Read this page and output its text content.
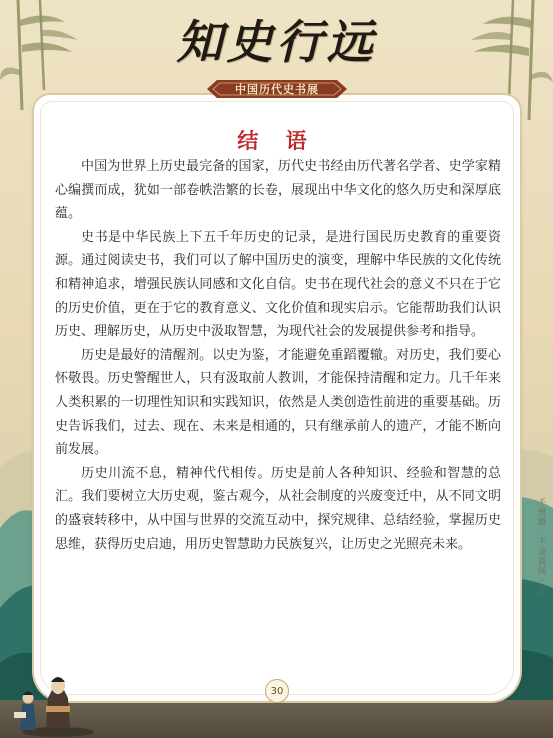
知史行远
结 语
中国历代史书展

中国为世界上历史最完备的国家，历代史书经由历代著名学者、史学家精心编撰而成，犹如一部卷帙浩繁的长卷，展现出中华文化的悠久历史和深厚底蕴。

史书是中华民族上下五千年历史的记录，是进行国民历史教育的重要资源。通过阅读史书，我们可以了解中国历史的演变，理解中华民族的文化传统和精神追求，增强民族认同感和文化自信。史书在现代社会的意义不只在于它的历史价值，更在于它的教育意义、文化价值和现实启示。它能帮助我们认识历史、理解历史，从历史中汲取智慧，为现代社会的发展提供参考和指导。

历史是最好的清醒剂。以史为鉴，才能避免重蹈覆辙。对历史，我们要心怀敬畏。历史警醒世人，只有汲取前人教训，才能保持清醒和定力。几千年来人类积累的一切理性知识和实践知识，依然是人类创造性前进的重要基础。历史告诉我们，过去、现在、未来是相通的，只有继承前人的遗产，才能不断向前发展。

历史川流不息，精神代代相传。历史是前人各种知识、经验和智慧的总汇。我们要树立大历史观，鉴古观今，从社会制度的兴废变迁中，从不同文明的盛衰转移中，从中国与世界的交流互动中，探究规律、总结经验，掌握历史思维，获得历史启迪，用历史智慧助力民族复兴，让历史之光照亮未来。	千里寰 · 千录寰阅 · 灯
30
